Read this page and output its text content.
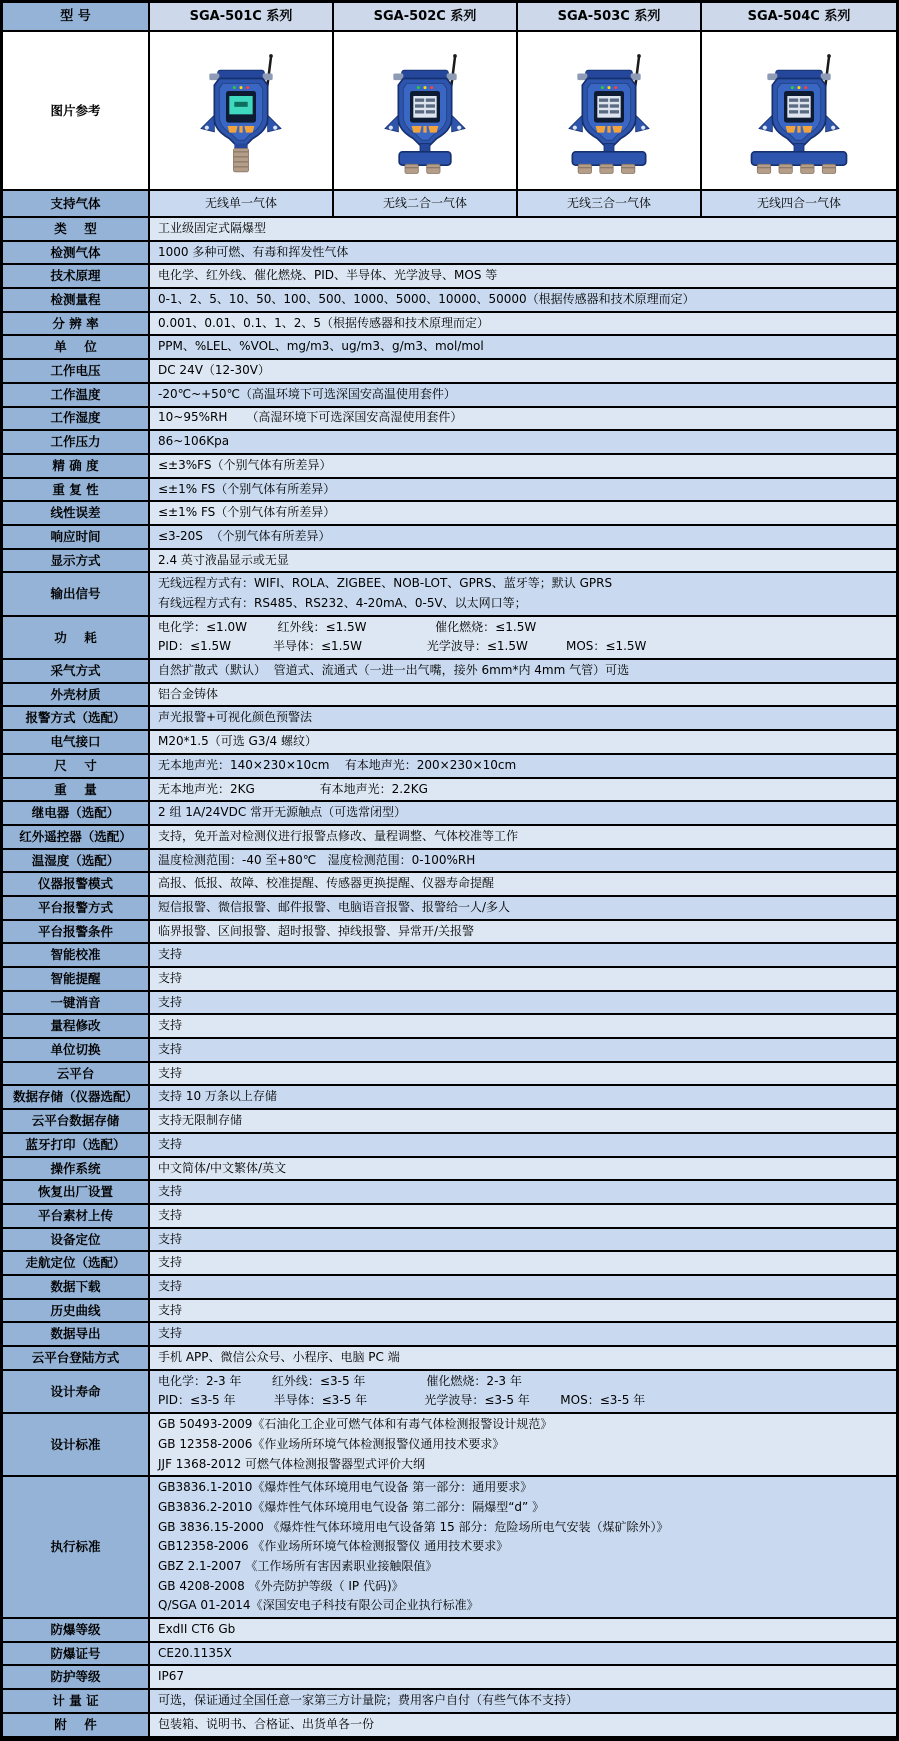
型 号	SGA-501C 系列	SGA-502C 系列	SGA-503C 系列	SGA-504C 系列
图片参考
支持气体	无线单一气体	无线二合一气体	无线三合一气体	无线四合一气体
类    型	工业级固定式隔爆型
检测气体	1000 多种可燃、有毒和挥发性气体
技术原理	电化学、红外线、催化燃烧、PID、半导体、光学波导、MOS 等
检测量程	0-1、2、5、10、50、100、500、1000、5000、10000、50000（根据传感器和技术原理而定）
分 辨 率	0.001、0.01、0.1、1、2、5（根据传感器和技术原理而定）
单    位	PPM、%LEL、%VOL、mg/m3、ug/m3、g/m3、mol/mol
工作电压	DC 24V（12-30V）
工作温度	-20℃~+50℃（高温环境下可选深国安高温使用套件）
工作湿度	10~95%RH     （高湿环境下可选深国安高湿使用套件）
工作压力	86~106Kpa
精 确 度	≤±3%FS（个别气体有所差异）
重 复 性	≤±1% FS（个别气体有所差异）
线性误差	≤±1% FS（个别气体有所差异）
响应时间	≤3-20S  （个别气体有所差异）
显示方式	2.4 英寸液晶显示或无显
输出信号
无线远程方式有：WIFI、ROLA、ZIGBEE、NOB-LOT、GPRS、蓝牙等；默认 GPRS
有线远程方式有：RS485、RS232、4-20mA、0-5V、以太网口等；
功    耗
电化学：≤1.0W        红外线：≤1.5W                  催化燃烧：≤1.5W
PID：≤1.5W           半导体：≤1.5W                 光学波导：≤1.5W          MOS：≤1.5W
采气方式	自然扩散式（默认）  管道式、流通式（一进一出气嘴，接外 6mm*内 4mm 气管）可选
外壳材质	铝合金铸体
报警方式（选配）	声光报警+可视化颜色预警法
电气接口	M20*1.5（可选 G3/4 螺纹）
尺    寸	无本地声光：140×230×10cm    有本地声光：200×230×10cm
重    量	无本地声光：2KG                 有本地声光：2.2KG
继电器（选配）	2 组 1A/24VDC 常开无源触点（可选常闭型）
红外遥控器（选配）	支持，免开盖对检测仪进行报警点修改、量程调整、气体校准等工作
温湿度（选配）	温度检测范围：-40 至+80℃   湿度检测范围：0-100%RH
仪器报警模式	高报、低报、故障、校准提醒、传感器更换提醒、仪器寿命提醒
平台报警方式	短信报警、微信报警、邮件报警、电脑语音报警、报警给一人/多人
平台报警条件	临界报警、区间报警、超时报警、掉线报警、异常开/关报警
智能校准	支持
智能提醒	支持
一键消音	支持
量程修改	支持
单位切换	支持
云平台	支持
数据存储（仪器选配）	支持 10 万条以上存储
云平台数据存储	支持无限制存储
蓝牙打印（选配）	支持
操作系统	中文简体/中文繁体/英文
恢复出厂设置	支持
平台素材上传	支持
设备定位	支持
走航定位（选配）	支持
数据下载	支持
历史曲线	支持
数据导出	支持
云平台登陆方式	手机 APP、微信公众号、小程序、电脑 PC 端
设计寿命
电化学：2-3 年        红外线：≤3-5 年                催化燃烧：2-3 年
PID：≤3-5 年          半导体：≤3-5 年               光学波导：≤3-5 年        MOS：≤3-5 年
设计标准
GB 50493-2009《石油化工企业可燃气体和有毒气体检测报警设计规范》
GB 12358-2006《作业场所环境气体检测报警仪通用技术要求》
JJF 1368-2012 可燃气体检测报警器型式评价大纲
执行标准
GB3836.1-2010《爆炸性气体环境用电气设备 第一部分：通用要求》
GB3836.2-2010《爆炸性气体环境用电气设备 第二部分：隔爆型“d” 》
GB 3836.15-2000 《爆炸性气体环境用电气设备第 15 部分：危险场所电气安装（煤矿除外）》
GB12358-2006 《作业场所环境气体检测报警仪 通用技术要求》
GBZ 2.1-2007 《工作场所有害因素职业接触限值》
GB 4208-2008 《外壳防护等级（ IP 代码)》
Q/SGA 01-2014《深国安电子科技有限公司企业执行标准》
防爆等级	ExdII CT6 Gb
防爆证号	CE20.1135X
防护等级	IP67
计 量 证	可选，保证通过全国任意一家第三方计量院；费用客户自付（有些气体不支持）
附    件	包装箱、说明书、合格证、出货单各一份
